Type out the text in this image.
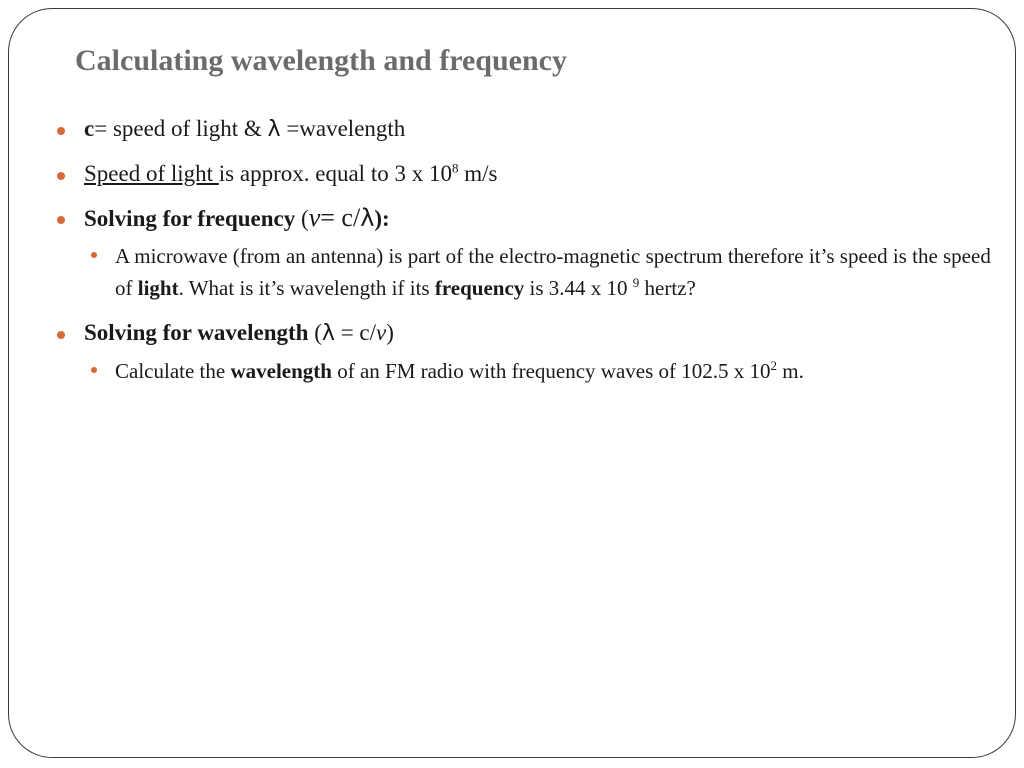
Calculating wavelength and frequency
c= speed of light & λ =wavelength
Speed of light is approx. equal to 3 x $10^8$ m/s
Solving for frequency (v= c/λ):
A microwave (from an antenna) is part of the electro-magnetic spectrum therefore it’s speed is the speed of light. What is it’s wavelength if its frequency is 3.44 x 10 $^9$ hertz?
Solving for wavelength (λ = c/v)
Calculate the wavelength of an FM radio with frequency waves of 102.5 x $10^2$ m.
